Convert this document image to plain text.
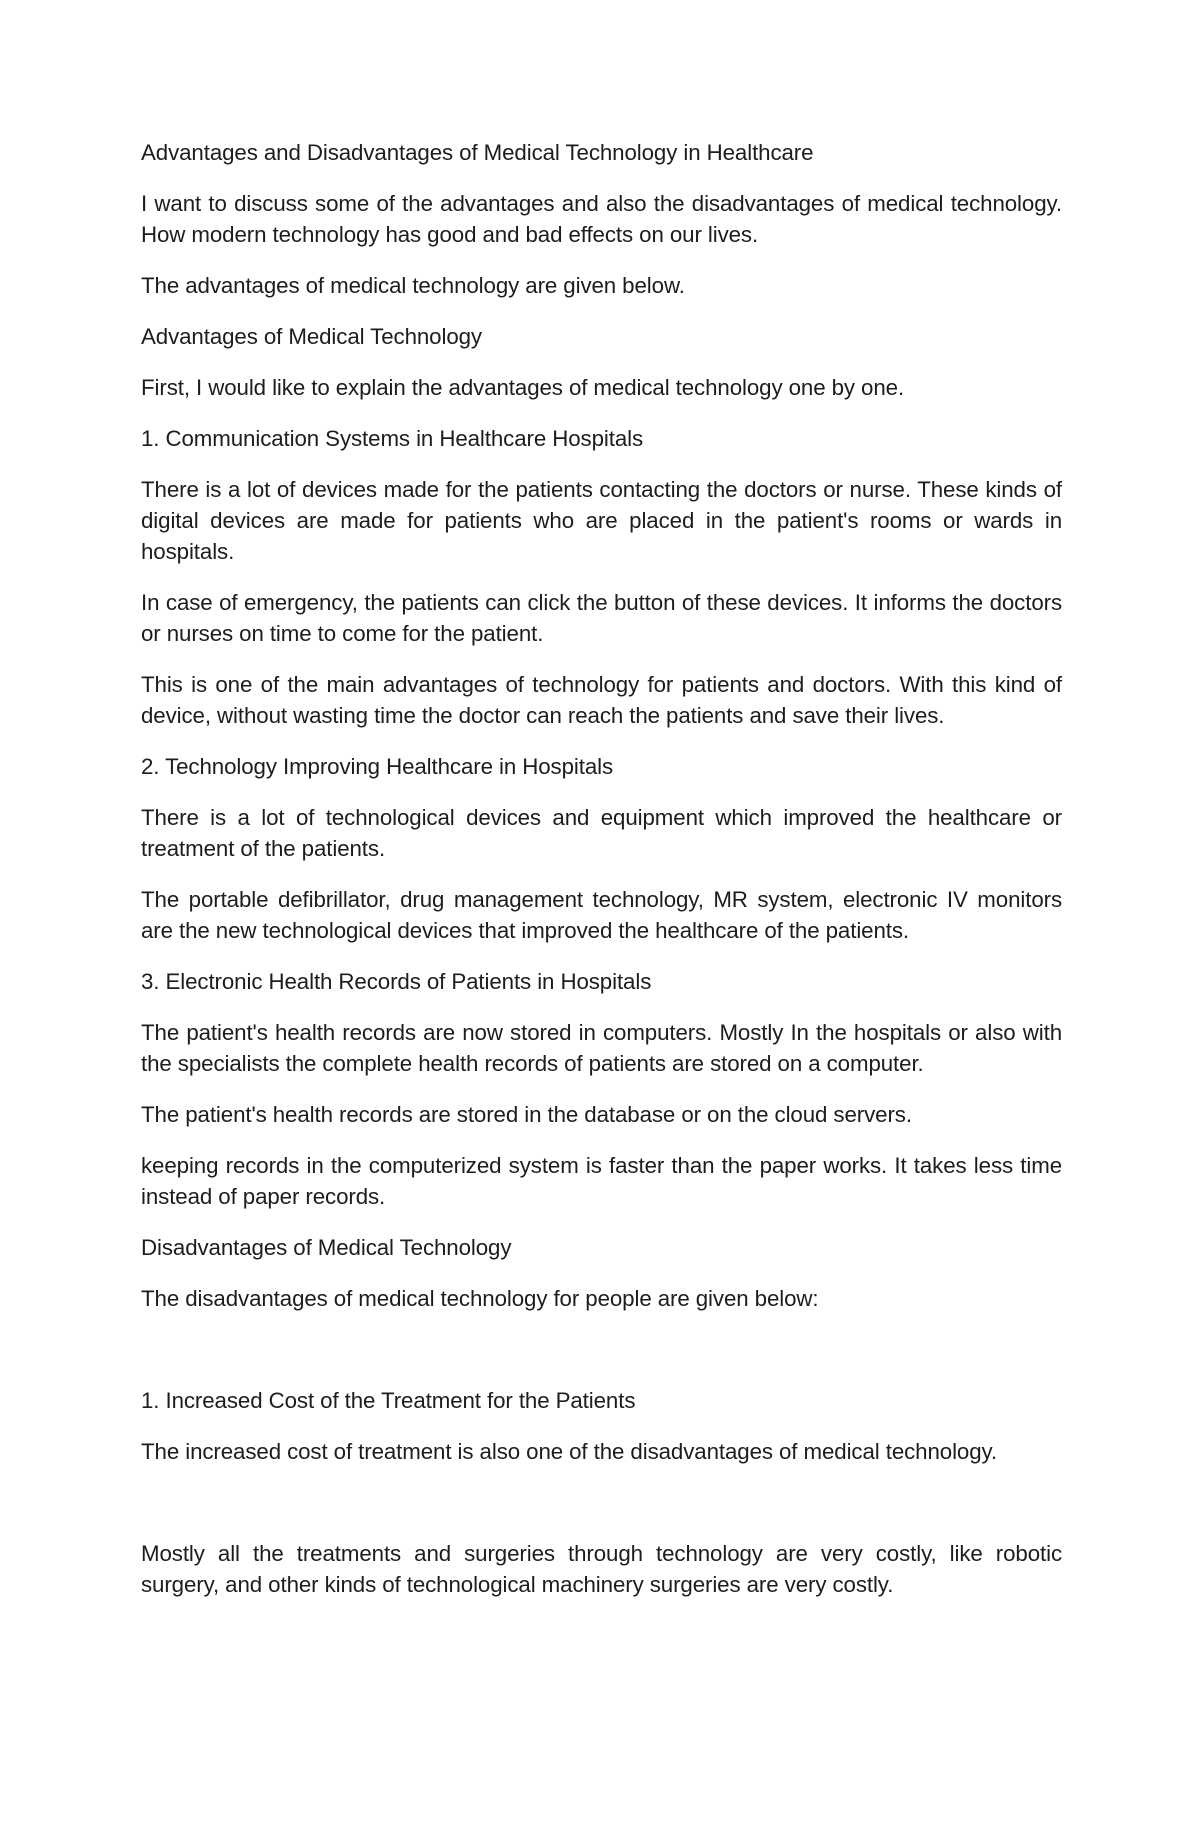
Advantages and Disadvantages of Medical Technology in Healthcare

I want to discuss some of the advantages and also the disadvantages of medical technology. How modern technology has good and bad effects on our lives.

The advantages of medical technology are given below.

Advantages of Medical Technology

First, I would like to explain the advantages of medical technology one by one.

1. Communication Systems in Healthcare Hospitals

There is a lot of devices made for the patients contacting the doctors or nurse. These kinds of digital devices are made for patients who are placed in the patient's rooms or wards in hospitals.

In case of emergency, the patients can click the button of these devices. It informs the doctors or nurses on time to come for the patient.

This is one of the main advantages of technology for patients and doctors. With this kind of device, without wasting time the doctor can reach the patients and save their lives.

2. Technology Improving Healthcare in Hospitals

There is a lot of technological devices and equipment which improved the healthcare or treatment of the patients.

The portable defibrillator, drug management technology, MR system, electronic IV monitors are the new technological devices that improved the healthcare of the patients.

3. Electronic Health Records of Patients in Hospitals

The patient's health records are now stored in computers. Mostly In the hospitals or also with the specialists the complete health records of patients are stored on a computer.

The patient's health records are stored in the database or on the cloud servers.

keeping records in the computerized system is faster than the paper works. It takes less time instead of paper records.

Disadvantages of Medical Technology

The disadvantages of medical technology for people are given below:

1. Increased Cost of the Treatment for the Patients

The increased cost of treatment is also one of the disadvantages of medical technology.

Mostly all the treatments and surgeries through technology are very costly, like robotic surgery, and other kinds of technological machinery surgeries are very costly.
